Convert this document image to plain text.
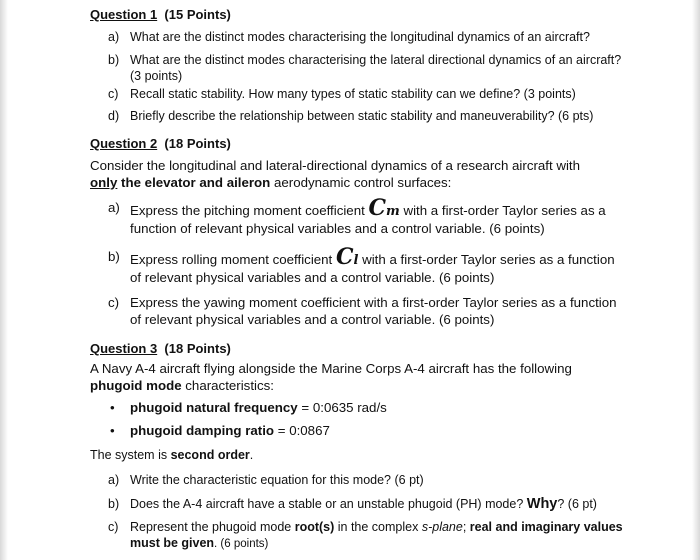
Question 1 (15 Points)
a) What are the distinct modes characterising the longitudinal dynamics of an aircraft?
b) What are the distinct modes characterising the lateral directional dynamics of an aircraft? (3 points)
c) Recall static stability. How many types of static stability can we define? (3 points)
d) Briefly describe the relationship between static stability and maneuverability? (6 pts)
Question 2 (18 Points)
Consider the longitudinal and lateral-directional dynamics of a research aircraft with
only the elevator and aileron aerodynamic control surfaces:
a) Express the pitching moment coefficient Cm with a first-order Taylor series as a function of relevant physical variables and a control variable. (6 points)
b) Express rolling moment coefficient Cl with a first-order Taylor series as a function of relevant physical variables and a control variable. (6 points)
c) Express the yawing moment coefficient with a first-order Taylor series as a function of relevant physical variables and a control variable. (6 points)
Question 3 (18 Points)
A Navy A-4 aircraft flying alongside the Marine Corps A-4 aircraft has the following
phugoid mode characteristics:
• phugoid natural frequency = 0:0635 rad/s
• phugoid damping ratio = 0:0867
The system is second order.
a) Write the characteristic equation for this mode? (6 pt)
b) Does the A-4 aircraft have a stable or an unstable phugoid (PH) mode? Why? (6 pt)
c) Represent the phugoid mode root(s) in the complex s-plane; real and imaginary values must be given. (6 points)
